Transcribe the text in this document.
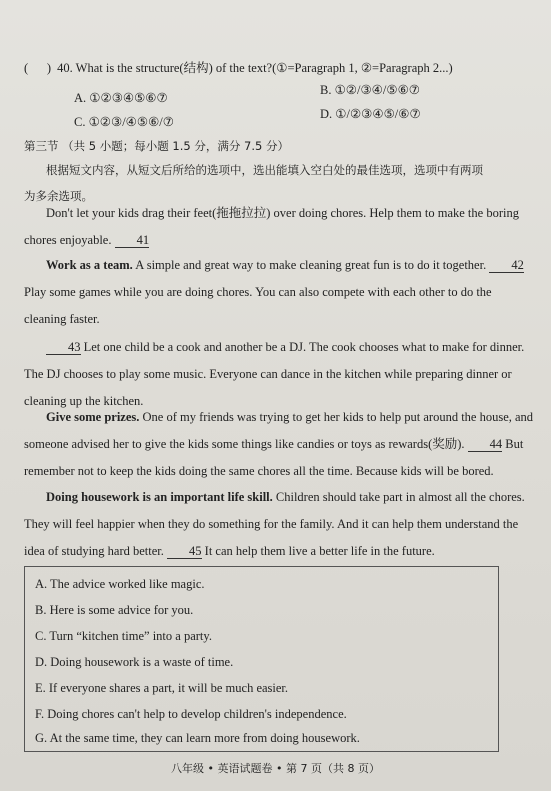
( ) 40. What is the structure(结构) of the text?(①=Paragraph 1, ②=Paragraph 2...)
A. ①②③④⑤⑥⑦
B. ①②/③④/⑤⑥⑦
C. ①②③/④⑤⑥/⑦
D. ①/②③④⑤/⑥⑦
第三节 （共 5 小题；每小题 1.5 分，满分 7.5 分）
根据短文内容，从短文后所给的选项中，选出能填入空白处的最佳选项，选项中有两项
为多余选项。
Don't let your kids drag their feet(拖拖拉拉) over doing chores. Help them to make the boring chores enjoyable. 41
Work as a team. A simple and great way to make cleaning great fun is to do it together. 42 Play some games while you are doing chores. You can also compete with each other to do the cleaning faster.
43 Let one child be a cook and another be a DJ. The cook chooses what to make for dinner. The DJ chooses to play some music. Everyone can dance in the kitchen while preparing dinner or cleaning up the kitchen.
Give some prizes. One of my friends was trying to get her kids to help put around the house, and someone advised her to give the kids some things like candies or toys as rewards(奖励). 44 But remember not to keep the kids doing the same chores all the time. Because kids will be bored.
Doing housework is an important life skill. Children should take part in almost all the chores. They will feel happier when they do something for the family. And it can help them understand the idea of studying hard better. 45 It can help them live a better life in the future.
A. The advice worked like magic.
B. Here is some advice for you.
C. Turn “kitchen time” into a party.
D. Doing housework is a waste of time.
E. If everyone shares a part, it will be much easier.
F. Doing chores can't help to develop children's independence.
G. At the same time, they can learn more from doing housework.
八年级 • 英语试题卷 • 第 7 页（共 8 页）
